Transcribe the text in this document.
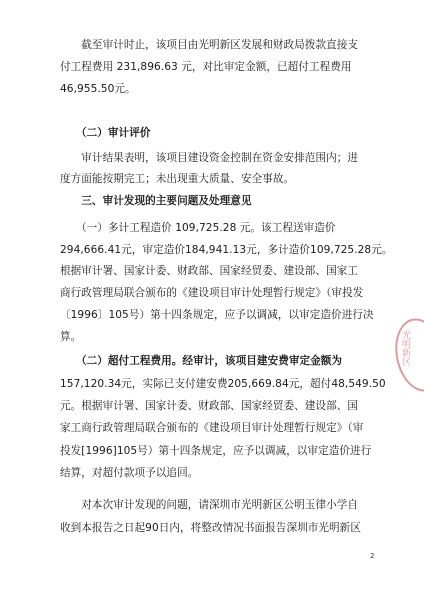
　　截至审计时止，该项目由光明新区发展和财政局拨款直接支
付工程费用 231,896.63 元，对比审定金额，已超付工程费用
46,955.50元。
　　（二）审计评价
　　审计结果表明，该项目建设资金控制在资金安排范围内；进
度方面能按期完工；未出现重大质量、安全事故。
　　三、审计发现的主要问题及处理意见
　　（一）多计工程造价 109,725.28 元。该工程送审造价
294,666.41元，审定造价184,941.13元，多计造价109,725.28元。
根据审计署、国家计委、财政部、国家经贸委、建设部、国家工
商行政管理局联合颁布的《建设项目审计处理暂行规定》（审投发
〔1996〕105号）第十四条规定，应予以调减，以审定造价进行决
算。
　　（二）超付工程费用。经审计，该项目建安费审定金额为
157,120.34元，实际已支付建安费205,669.84元，超付48,549.50
元。根据审计署、国家计委、财政部、国家经贸委、建设部、国
家工商行政管理局联合颁布的《建设项目审计处理暂行规定》（审
投发[1996]105号）第十四条规定，应予以调减，以审定造价进行
结算，对超付款项予以追回。
　　对本次审计发现的问题，请深圳市光明新区公明玉律小学自
收到本报告之日起90日内，将整改情况书面报告深圳市光明新区
光明新区
2
